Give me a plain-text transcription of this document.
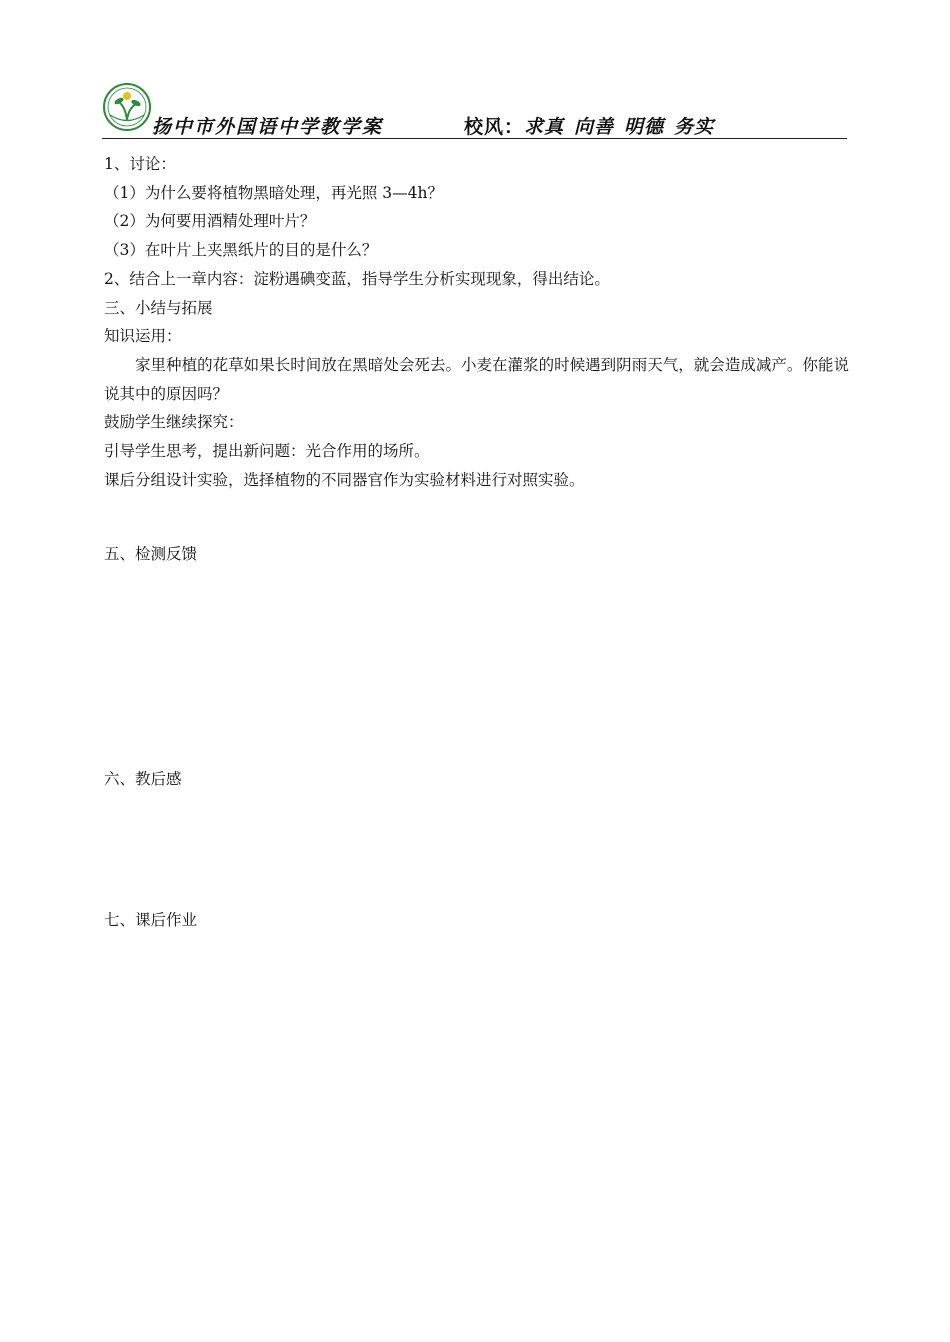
扬中市外国语中学教学案	校风：求真 向善 明德 务实
1、讨论：
（1）为什么要将植物黑暗处理，再光照 3—4h？
（2）为何要用酒精处理叶片？
（3）在叶片上夹黑纸片的目的是什么？
2、结合上一章内容：淀粉遇碘变蓝，指导学生分析实现现象，得出结论。
三、小结与拓展
知识运用：
家里种植的花草如果长时间放在黑暗处会死去。小麦在灌浆的时候遇到阴雨天气，就会造成减产。你能说说其中的原因吗？
鼓励学生继续探究：
引导学生思考，提出新问题：光合作用的场所。
课后分组设计实验，选择植物的不同器官作为实验材料进行对照实验。
五、检测反馈
六、教后感
七、课后作业
